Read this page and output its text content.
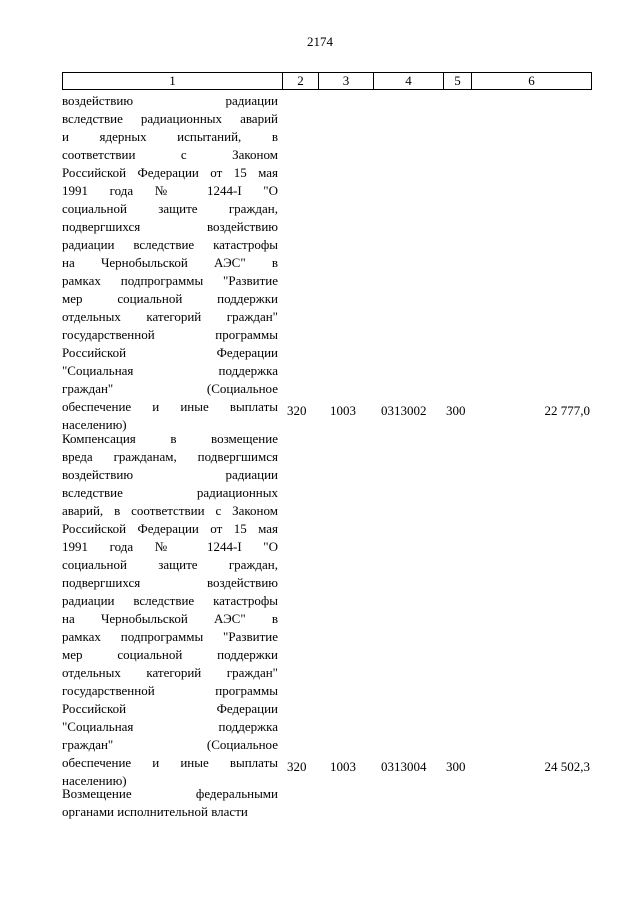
2174
1	2	3	4	5	6
воздействию радиации
вследствие радиационных аварий
и ядерных испытаний, в
соответствии с Законом
Российской Федерации от 15 мая
1991 года № 1244-I "О
социальной защите граждан,
подвергшихся воздействию
радиации вследствие катастрофы
на Чернобыльской АЭС" в
рамках подпрограммы "Развитие
мер социальной поддержки
отдельных категорий граждан"
государственной программы
Российской Федерации
"Социальная поддержка
граждан" (Социальное
обеспечение и иные выплаты
населению)
320 1003 0313002 300	22 777,0
Компенсация в возмещение
вреда гражданам, подвергшимся
воздействию радиации
вследствие радиационных
аварий, в соответствии с Законом
Российской Федерации от 15 мая
1991 года № 1244-I "О
социальной защите граждан,
подвергшихся воздействию
радиации вследствие катастрофы
на Чернобыльской АЭС" в
рамках подпрограммы "Развитие
мер социальной поддержки
отдельных категорий граждан"
государственной программы
Российской Федерации
"Социальная поддержка
граждан" (Социальное
обеспечение и иные выплаты
населению)
320 1003 0313004 300	24 502,3
Возмещение федеральными
органами исполнительной власти
